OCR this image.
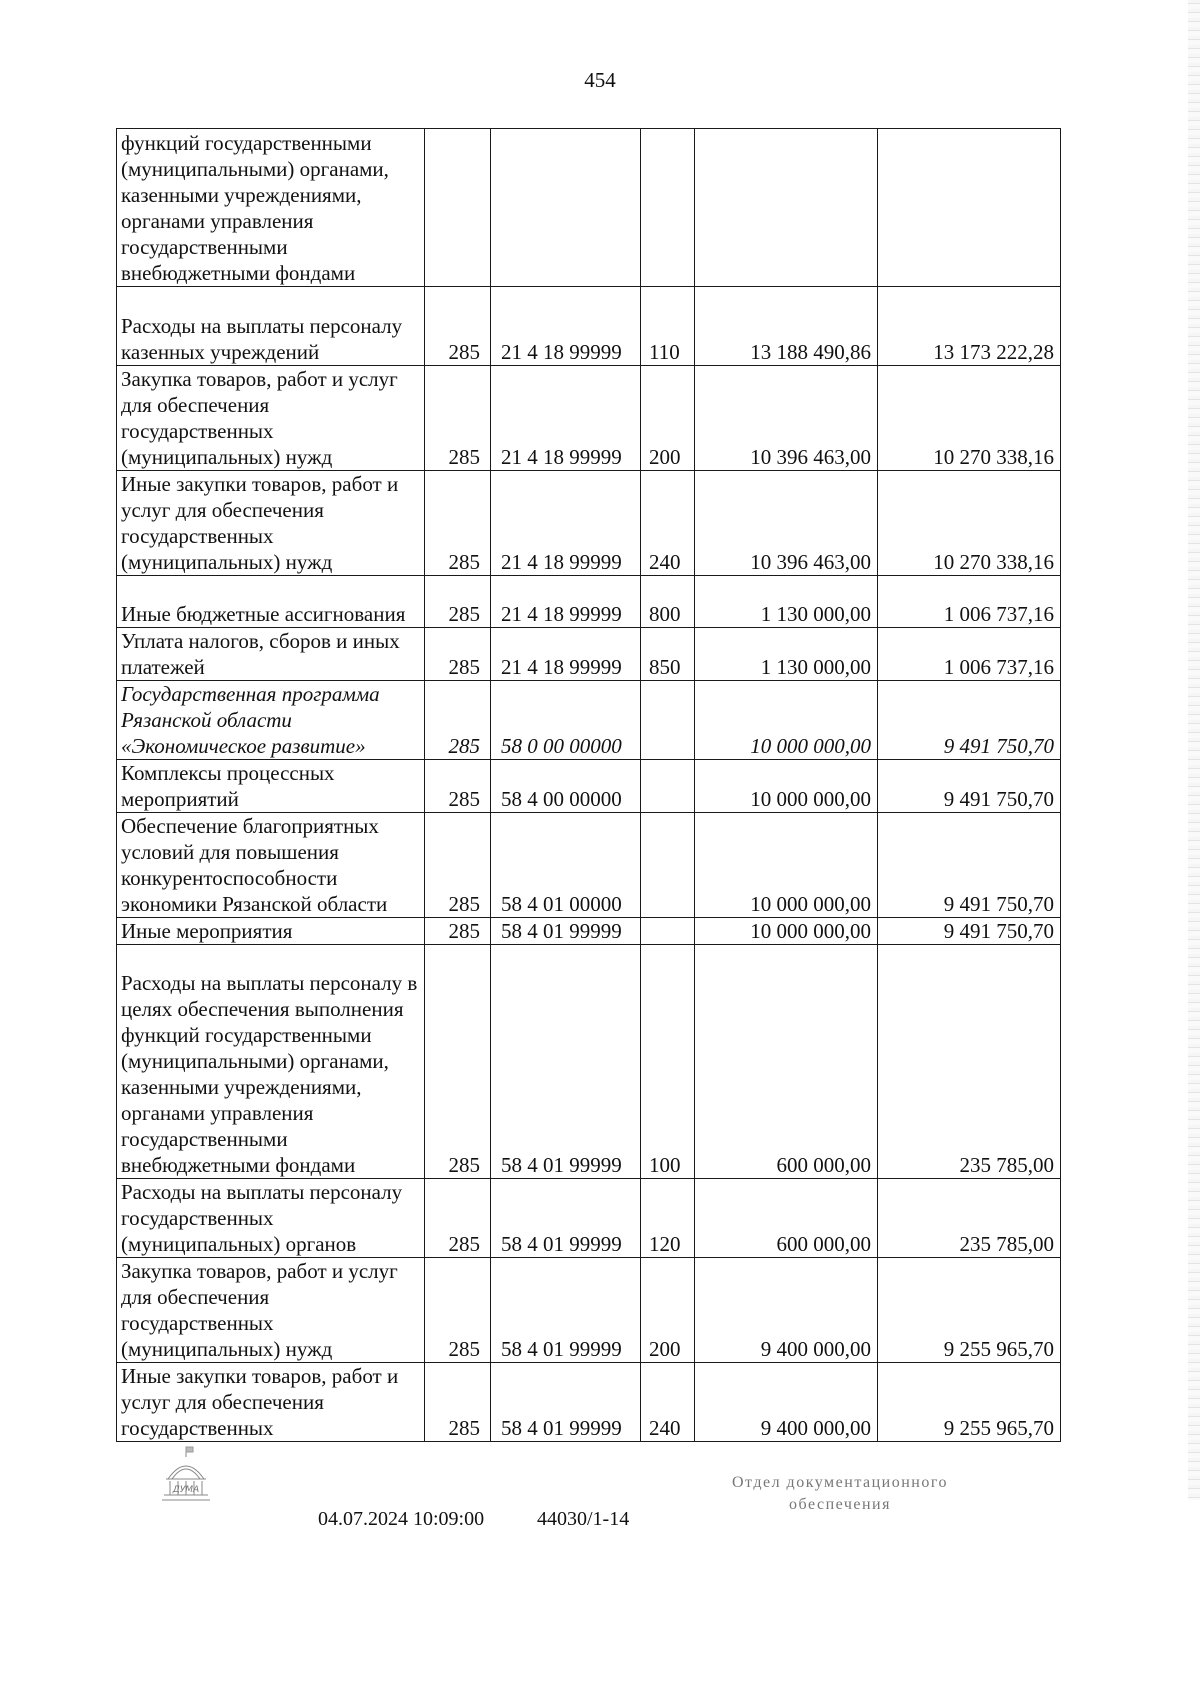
454
функций государственными (муниципальными) органами, казенными учреждениями, органами управления государственными внебюджетными фондами					
Расходы на выплаты персоналу казенных учреждений	285	21 4 18 99999	110	13 188 490,86	13 173 222,28
Закупка товаров, работ и услуг для обеспечения государственных (муниципальных) нужд	285	21 4 18 99999	200	10 396 463,00	10 270 338,16
Иные закупки товаров, работ и услуг для обеспечения государственных (муниципальных) нужд	285	21 4 18 99999	240	10 396 463,00	10 270 338,16
Иные бюджетные ассигнования	285	21 4 18 99999	800	1 130 000,00	1 006 737,16
Уплата налогов, сборов и иных платежей	285	21 4 18 99999	850	1 130 000,00	1 006 737,16
Государственная программа Рязанской области «Экономическое развитие»	285	58 0 00 00000		10 000 000,00	9 491 750,70
Комплексы процессных мероприятий	285	58 4 00 00000		10 000 000,00	9 491 750,70
Обеспечение благоприятных условий для повышения конкурентоспособности экономики Рязанской области	285	58 4 01 00000		10 000 000,00	9 491 750,70
Иные мероприятия	285	58 4 01 99999		10 000 000,00	9 491 750,70
Расходы на выплаты персоналу в целях обеспечения выполнения функций государственными (муниципальными) органами, казенными учреждениями, органами управления государственными внебюджетными фондами	285	58 4 01 99999	100	600 000,00	235 785,00
Расходы на выплаты персоналу государственных (муниципальных) органов	285	58 4 01 99999	120	600 000,00	235 785,00
Закупка товаров, работ и услуг для обеспечения государственных (муниципальных) нужд	285	58 4 01 99999	200	9 400 000,00	9 255 965,70
Иные закупки товаров, работ и услуг для обеспечения государственных	285	58 4 01 99999	240	9 400 000,00	9 255 965,70
ДУМА
04.07.2024 10:09:00	44030/1-14
Отдел документационного
обеспечения
